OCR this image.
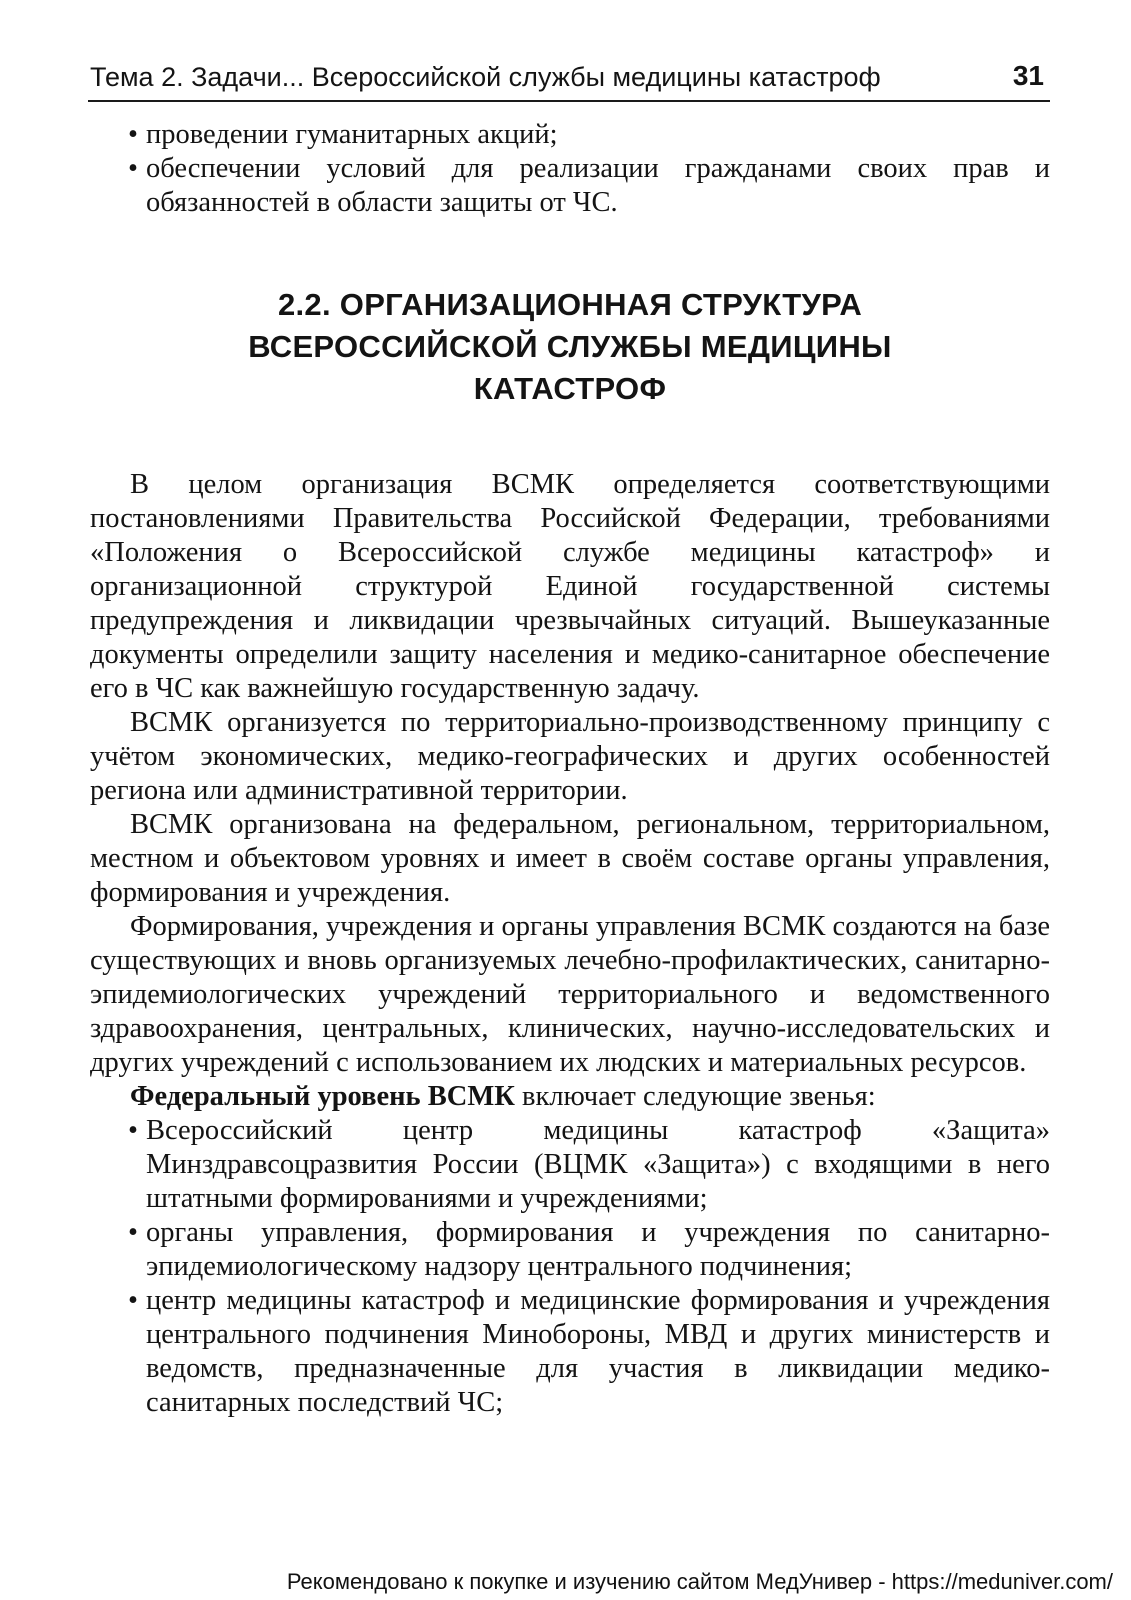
Тема 2. Задачи... Всероссийской службы медицины катастроф	31
• проведении гуманитарных акций;
• обеспечении условий для реализации гражданами своих прав и обязанностей в области защиты от ЧС.
2.2. ОРГАНИЗАЦИОННАЯ СТРУКТУРА
ВСЕРОССИЙСКОЙ СЛУЖБЫ МЕДИЦИНЫ
КАТАСТРОФ

В целом организация ВСМК определяется соответствующими постановлениями Правительства Российской Федерации, требованиями «Положения о Всероссийской службе медицины катастроф» и организационной структурой Единой государственной системы предупреждения и ликвидации чрезвычайных ситуаций. Вышеуказанные документы определили защиту населения и медико-санитарное обеспечение его в ЧС как важнейшую государственную задачу.

ВСМК организуется по территориально-производственному принципу с учётом экономических, медико-географических и других особенностей региона или административной территории.

ВСМК организована на федеральном, региональном, территориальном, местном и объектовом уровнях и имеет в своём составе органы управления, формирования и учреждения.

Формирования, учреждения и органы управления ВСМК создаются на базе существующих и вновь организуемых лечебно-профилактических, санитарно-эпидемиологических учреждений территориального и ведомственного здравоохранения, центральных, клинических, научно-исследовательских и других учреждений с использованием их людских и материальных ресурсов.

Федеральный уровень ВСМК включает следующие звенья:

• Всероссийский центр медицины катастроф «Защита» Минздравсоцразвития России (ВЦМК «Защита») с входящими в него штатными формированиями и учреждениями;
• органы управления, формирования и учреждения по санитарно-эпидемиологическому надзору центрального подчинения;
• центр медицины катастроф и медицинские формирования и учреждения центрального подчинения Минобороны, МВД и других министерств и ведомств, предназначенные для участия в ликвидации медико-санитарных последствий ЧС;
Рекомендовано к покупке и изучению сайтом МедУнивер - https://meduniver.com/
